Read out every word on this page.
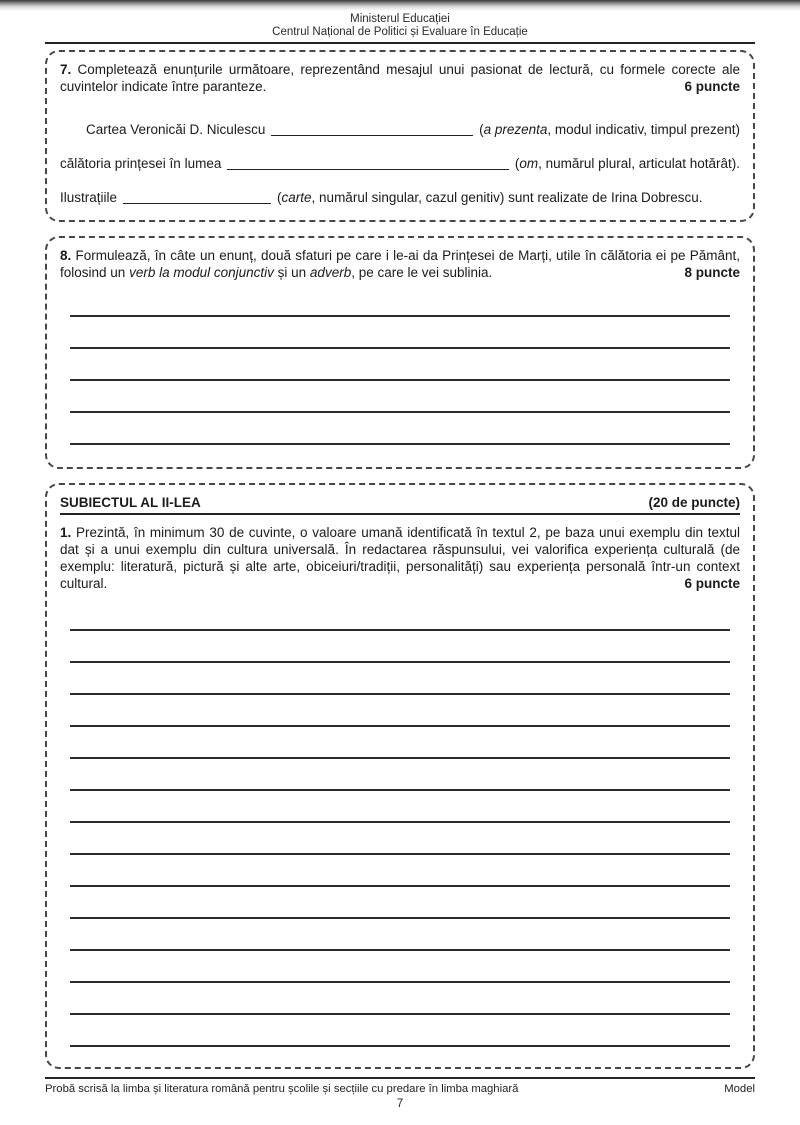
Ministerul Educației
Centrul Național de Politici și Evaluare în Educație
7. Completează enunțurile următoare, reprezentând mesajul unui pasionat de lectură, cu formele corecte ale cuvintelor indicate între paranteze.	6 puncte
Cartea Veronicăi D. Niculescu	(a prezenta, modul indicativ, timpul prezent)
călătoria prințesei în lumea	(om, numărul plural, articulat hotărât).
Ilustrațiile	(carte, numărul singular, cazul genitiv) sunt realizate de Irina Dobrescu.
8. Formulează, în câte un enunț, două sfaturi pe care i le-ai da Prințesei de Marți, utile în călătoria ei pe Pământ, folosind un verb la modul conjunctiv și un adverb, pe care le vei sublinia.	8 puncte
SUBIECTUL AL II-LEA	(20 de puncte)
1. Prezintă, în minimum 30 de cuvinte, o valoare umană identificată în textul 2, pe baza unui exemplu din textul dat și a unui exemplu din cultura universală. În redactarea răspunsului, vei valorifica experiența culturală (de exemplu: literatură, pictură și alte arte, obiceiuri/tradiții, personalități) sau experiența personală într-un context cultural.	6 puncte
Probă scrisă la limba și literatura română pentru școlile și secțiile cu predare în limba maghiară	Model
7
